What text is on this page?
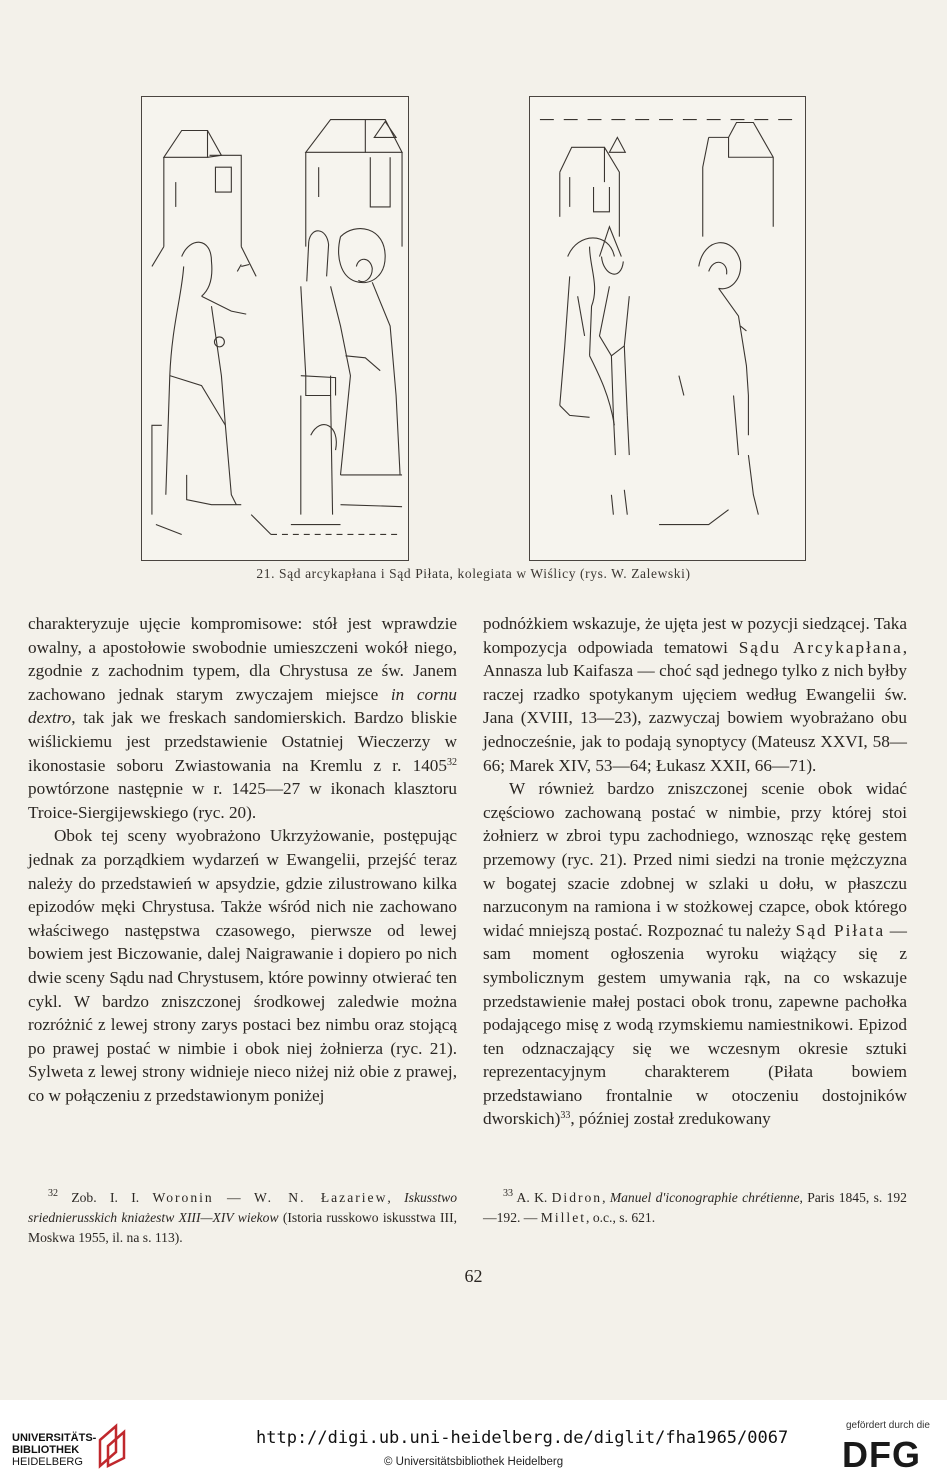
21. Sąd arcykapłana i Sąd Piłata, kolegiata w Wiślicy (rys. W. Zalewski)

charakteryzuje ujęcie kompromisowe: stół jest wprawdzie owalny, a apostołowie swobodnie umieszczeni wokół niego, zgodnie z zachodnim typem, dla Chrystusa ze św. Janem zachowano jednak starym zwyczajem miejsce in cornu dextro, tak jak we freskach sandomierskich. Bardzo bliskie wiślickiemu jest przedstawienie Ostatniej Wieczerzy w ikonostasie soboru Zwiastowania na Kremlu z r. 1405$^{32}$ powtórzone następnie w r. 1425—27 w ikonach klasztoru Troice-Siergijewskiego (ryc. 20).

Obok tej sceny wyobrażono Ukrzyżowanie, postępując jednak za porządkiem wydarzeń w Ewangelii, przejść teraz należy do przedstawień w apsydzie, gdzie zilustrowano kilka epizodów męki Chrystusa. Także wśród nich nie zachowano właściwego następstwa czasowego, pierwsze od lewej bowiem jest Biczowanie, dalej Naigrawanie i dopiero po nich dwie sceny Sądu nad Chrystusem, które powinny otwierać ten cykl. W bardzo zniszczonej środkowej zaledwie można rozróżnić z lewej strony zarys postaci bez nimbu oraz stojącą po prawej postać w nimbie i obok niej żołnierza (ryc. 21). Sylweta z lewej strony widnieje nieco niżej niż obie z prawej, co w połączeniu z przedstawionym poniżej

podnóżkiem wskazuje, że ujęta jest w pozycji siedzącej. Taka kompozycja odpowiada tematowi Sądu Arcykapłana, Annasza lub Kaifasza — choć sąd jednego tylko z nich byłby raczej rzadko spotykanym ujęciem według Ewangelii św. Jana (XVIII, 13—23), zazwyczaj bowiem wyobrażano obu jednocześnie, jak to podają synoptycy (Mateusz XXVI, 58—66; Marek XIV, 53—64; Łukasz XXII, 66—71).

W również bardzo zniszczonej scenie obok widać częściowo zachowaną postać w nimbie, przy której stoi żołnierz w zbroi typu zachodniego, wznosząc rękę gestem przemowy (ryc. 21). Przed nimi siedzi na tronie mężczyzna w bogatej szacie zdobnej w szlaki u dołu, w płaszczu narzuconym na ramiona i w stożkowej czapce, obok którego widać mniejszą postać. Rozpoznać tu należy Sąd Piłata — sam moment ogłoszenia wyroku wiążący się z symbolicznym gestem umywania rąk, na co wskazuje przedstawienie małej postaci obok tronu, zapewne pachołka podającego misę z wodą rzymskiemu namiestnikowi. Epizod ten odznaczający się we wczesnym okresie sztuki reprezentacyjnym charakterem (Piłata bowiem przedstawiano frontalnie w otoczeniu dostojników dworskich)$^{33}$, później został zredukowany

$^{32}$ Zob. I. I. Woronin — W. N. Łazariew, Iskusstwo sriednierusskich kniażestw XIII—XIV wiekow (Istoria russkowo iskusstwa III, Moskwa 1955, il. na s. 113).

$^{33}$ A. K. Didron, Manuel d'iconographie chrétienne, Paris 1845, s. 192—192. — Millet, o.c., s. 621.

62
UNIVERSITÄTS-
BIBLIOTHEK
HEIDELBERG
http://digi.ub.uni-heidelberg.de/diglit/fha1965/0067
© Universitätsbibliothek Heidelberg
gefördert durch die
DFG
